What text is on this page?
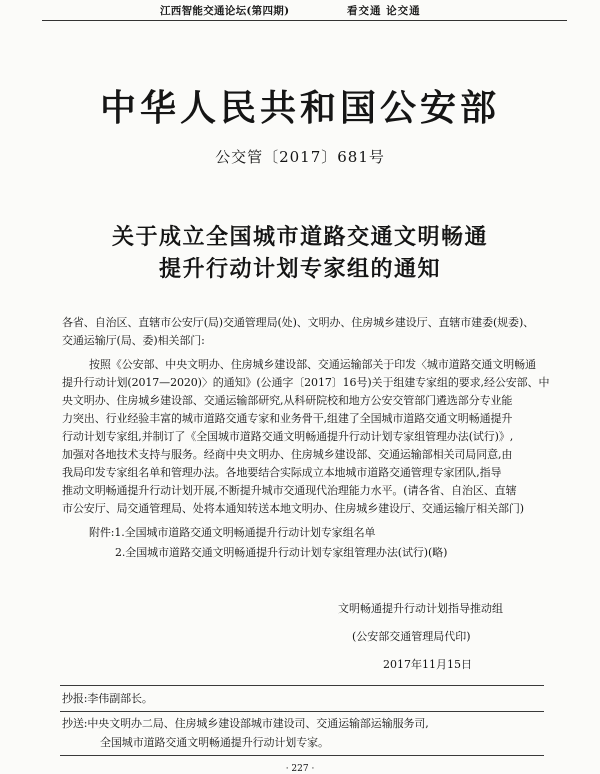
江西智能交通论坛(第四期)	看交通 论交通
中华人民共和国公安部
公交管〔2017〕681号
关于成立全国城市道路交通文明畅通
提升行动计划专家组的通知
各省、自治区、直辖市公安厅(局)交通管理局(处)、文明办、住房城乡建设厅、直辖市建委(规委)、
交通运输厅(局、委)相关部门:
按照《公安部、中央文明办、住房城乡建设部、交通运输部关于印发〈城市道路交通文明畅通
提升行动计划(2017—2020)〉的通知》(公通字〔2017〕16号)关于组建专家组的要求,经公安部、中
央文明办、住房城乡建设部、交通运输部研究,从科研院校和地方公安交管部门遴选部分专业能
力突出、行业经验丰富的城市道路交通专家和业务骨干,组建了全国城市道路交通文明畅通提升
行动计划专家组,并制订了《全国城市道路交通文明畅通提升行动计划专家组管理办法(试行)》,
加强对各地技术支持与服务。经商中央文明办、住房城乡建设部、交通运输部相关司局同意,由
我局印发专家组名单和管理办法。各地要结合实际成立本地城市道路交通管理专家团队,指导
推动文明畅通提升行动计划开展,不断提升城市交通现代治理能力水平。(请各省、自治区、直辖
市公安厅、局交通管理局、处将本通知转送本地文明办、住房城乡建设厅、交通运输厅相关部门)
附件:1.全国城市道路交通文明畅通提升行动计划专家组名单
2.全国城市道路交通文明畅通提升行动计划专家组管理办法(试行)(略)
文明畅通提升行动计划指导推动组
(公安部交通管理局代印)
2017年11月15日
抄报:李伟副部长。
抄送:中央文明办二局、住房城乡建设部城市建设司、交通运输部运输服务司,
全国城市道路交通文明畅通提升行动计划专家。
· 227 ·
